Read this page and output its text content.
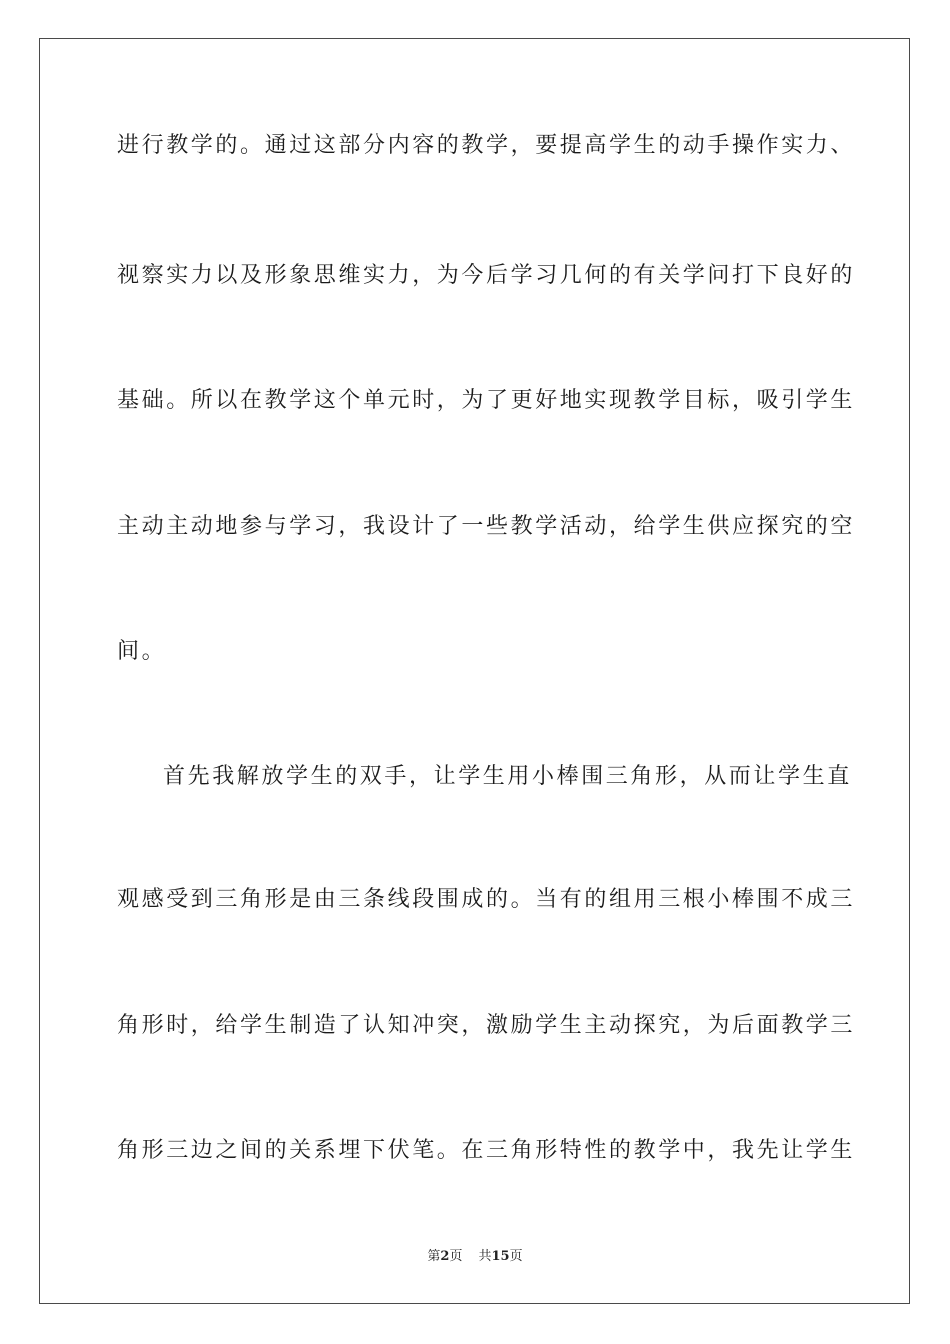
进行教学的。通过这部分内容的教学，要提高学生的动手操作实力、
视察实力以及形象思维实力，为今后学习几何的有关学问打下良好的
基础。所以在教学这个单元时，为了更好地实现教学目标，吸引学生
主动主动地参与学习，我设计了一些教学活动，给学生供应探究的空
间。
首先我解放学生的双手，让学生用小棒围三角形，从而让学生直
观感受到三角形是由三条线段围成的。当有的组用三根小棒围不成三
角形时，给学生制造了认知冲突，激励学生主动探究，为后面教学三
角形三边之间的关系埋下伏笔。在三角形特性的教学中，我先让学生
第2页 共15页
